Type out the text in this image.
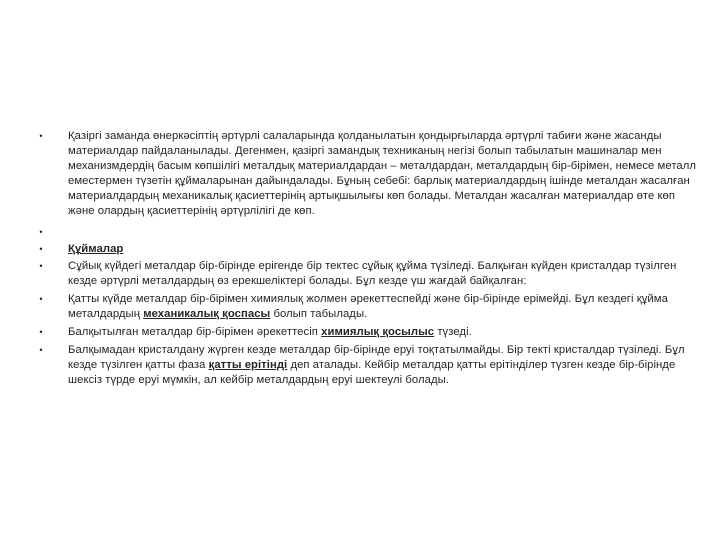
•	Қазіргі заманда өнеркәсіптің әртүрлі салаларында қолданылатын қондырғыларда әртүрлі табиғи және жасанды материалдар пайдаланылады. Дегенмен, қазіргі замандық техниканың негізі болып табылатын машиналар мен механизмдердің басым көпшілігі металдық материалдардан – металдардан, металдардың бір-бірімен, немесе металл еместермен түзетін құймаларынан дайындалады. Бұның себебі: барлық материалдардың ішінде металдан жасалған материалдардың механикалық қасиеттерінің артықшылығы көп болады. Металдан жасалған материалдар өте көп және олардың қасиеттерінің әртүрлілігі де көп.
•
•	Құймалар
•	Сұйық күйдегі металдар бір-бірінде ерігенде бір тектес сұйық құйма түзіледі. Балқыған күйден кристалдар түзілген кезде әртүрлі металдардың өз ерекшеліктері болады. Бұл кезде үш жағдай байқалған:
•	Қатты күйде металдар бір-бірімен химиялық жолмен әрекеттеспейді және бір-бірінде ерімейді. Бұл кездегі құйма металдардың механикалық қоспасы болып табылады.
•	Балқытылған металдар бір-бірімен әрекеттесіп химиялық қосылыс түзеді.
•	Балқымадан кристалдану жүрген кезде металдар бір-бірінде еруі тоқтатылмайды. Бір текті кристалдар түзіледі. Бұл кезде түзілген қатты фаза қатты ерітінді деп аталады. Кейбір металдар қатты ерітінділер түзген кезде бір-бірінде шексіз түрде еруі мүмкін, ал кейбір металдардың еруі шектеулі болады.
